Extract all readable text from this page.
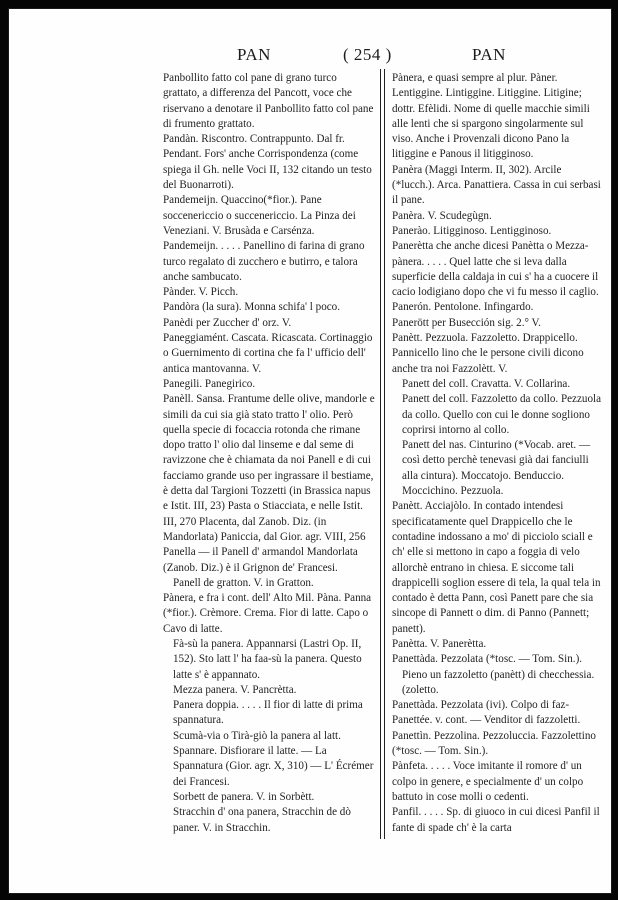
PAN	( 254 )	PAN

Panbollito fatto col pane di grano turco grattato, a differenza del Pancott, voce che riservano a denotare il Panbollito fatto col pane di frumento grattato.

Pandàn. Riscontro. Contrappunto. Dal fr. Pendant. Fors' anche Corrispondenza (come spiega il Gh. nelle Voci II, 132 citando un testo del Buonarroti).

Pandemeijn. Quaccino(*fior.). Pane soccenericcio o succenericcio. La Pinza dei Veneziani. V. Brusàda e Carsénza.

Pandemeijn. . . . . Panellino di farina di grano turco regalato di zucchero e butirro, e talora anche sambucato.

Pànder. V. Picch.

Pandòra (la sura). Monna schifa' l poco.

Panèdi per Zuccher d' orz. V.

Paneggiamént. Cascata. Ricascata. Cortinaggio o Guernimento di cortina che fa l' ufficio dell' antica mantovanna. V.

Panegili. Panegirico.

Panèll. Sansa. Frantume delle olive, mandorle e simili da cui sia già stato tratto l' olio. Però quella specie di focaccia rotonda che rimane dopo tratto l' olio dal linseme e dal seme di ravizzone che è chiamata da noi Panell e di cui facciamo grande uso per ingrassare il bestiame, è detta dal Targioni Tozzetti (in Brassica napus e Istit. III, 23) Pasta o Stiacciata, e nelle Istit. III, 270 Placenta, dal Zanob. Diz. (in Mandorlata) Paniccia, dal Gior. agr. VIII, 256 Panella — il Panell d' armandol Mandorlata (Zanob. Diz.) è il Grignon de' Francesi.

Panell de gratton. V. in Gratton.

Pànera, e fra i cont. dell' Alto Mil. Pàna. Panna (*fior.). Crèmore. Crema. Fior di latte. Capo o Cavo di latte.

Fà-sù la panera. Appannarsi (Lastri Op. II, 152). Sto latt l' ha faa-sù la panera. Questo latte s' è appannato.

Mezza panera. V. Pancrètta.

Panera doppia. . . . . Il fior di latte di prima spannatura.

Scumà-via o Tirà-giò la panera al latt. Spannare. Disfiorare il latte. — La Spannatura (Gior. agr. X, 310) — L' Écrémer dei Francesi.

Sorbett de panera. V. in Sorbètt.

Stracchin d' ona panera, Stracchin de dò paner. V. in Stracchin.

Pànera, e quasi sempre al plur. Pàner. Lentiggine. Lintiggine. Litiggine. Litigine; dottr. Efèlidi. Nome di quelle macchie simili alle lenti che si spargono singolarmente sul viso. Anche i Provenzali dicono Pano la litiggine e Panous il litigginoso.

Panèra (Maggi Interm. II, 302). Arcile (*lucch.). Arca. Panattiera. Cassa in cui serbasi il pane.

Panèra. V. Scudegùgn.

Panerào. Litigginoso. Lentigginoso.

Panerètta che anche dicesi Panètta o Mezza-pànera. . . . . Quel latte che si leva dalla superficie della caldaja in cui s' ha a cuocere il cacio lodigiano dopo che vi fu messo il caglio.

Panerón. Pentolone. Infingardo.

Panerött per Busección sig. 2.° V.

Panètt. Pezzuola. Fazzoletto. Drappicello.

Pannicello lino che le persone civili dicono anche tra noi Fazzolètt. V.

Panett del coll. Cravatta. V. Collarina.

Panett del coll. Fazzoletto da collo. Pezzuola da collo. Quello con cui le donne sogliono coprirsi intorno al collo.

Panett del nas. Cinturino (*Vocab. aret. — così detto perchè tenevasi già dai fanciulli alla cintura). Moccatojo. Benduccio. Moccichino. Pezzuola.

Panètt. Acciajòlo. In contado intendesi specificatamente quel Drappicello che le contadine indossano a mo' di picciolo sciall e ch' elle si mettono in capo a foggia di velo allorchè entrano in chiesa. E siccome tali drappicelli soglion essere di tela, la qual tela in contado è detta Pann, così Panett pare che sia sincope di Pannett o dim. di Panno (Pannett; panett).

Panètta. V. Panerètta.

Panettàda. Pezzolata (*tosc. — Tom. Sin.).

Pieno un fazzoletto (panètt) di checchessia. (zoletto.

Panettàda. Pezzolata (ivi). Colpo di faz-

Panettée. v. cont. — Venditor di fazzoletti.

Panettìn. Pezzolina. Pezzoluccia. Fazzolettino (*tosc. — Tom. Sin.).

Pànfeta. . . . . Voce imitante il romore d' un colpo in genere, e specialmente d' un colpo battuto in cose molli o cedenti.

Panfil. . . . . Sp. di giuoco in cui dicesi Panfil il fante di spade ch' è la carta
